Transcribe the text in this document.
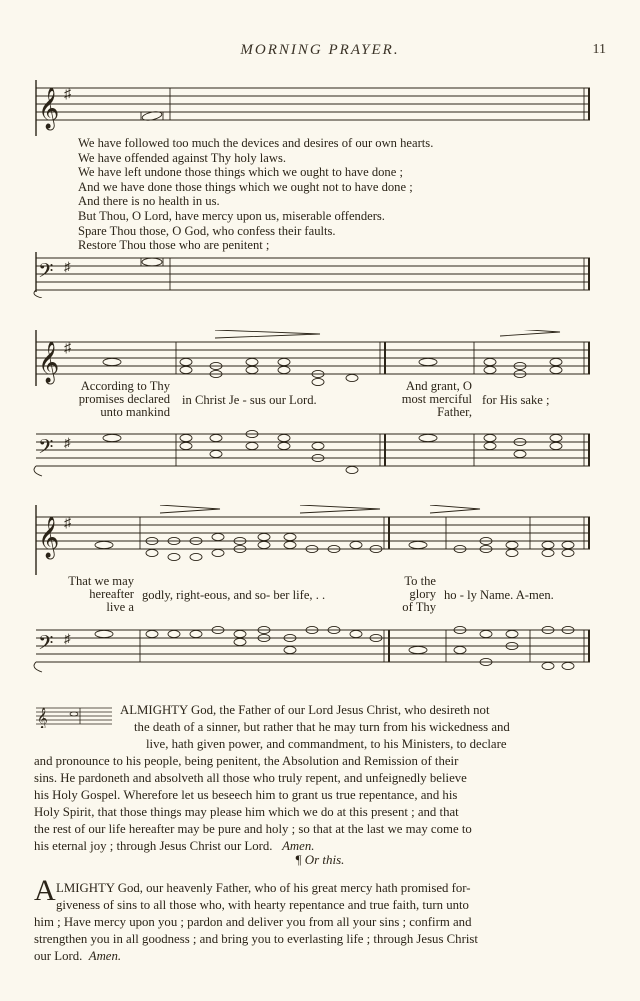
MORNING PRAYER.	11
𝄞 ♯
We have followed too much the devices and desires of our own hearts.
We have offended against Thy holy laws.
We have left undone those things which we ought to have done ;
And we have done those things which we ought not to have done ;
And there is no health in us.
But Thou, O Lord, have mercy upon us, miserable offenders.
Spare Thou those, O God, who confess their faults.
Restore Thou those who are penitent ;
𝄢 ♯
𝄞 ♯
According to Thy
promises declared
unto mankind
in Christ Je - sus our Lord.
And grant, O
most merciful
Father,
for His sake ;
𝄢 ♯
𝄞 ♯
That we may
hereafter
live a
godly, right-eous, and so- ber life, . .
To the
glory
of Thy
ho - ly Name. A-men.
𝄢 ♯
𝄞	ALMIGHTY God, the Father of our Lord Jesus Christ, who desireth not
the death of a sinner, but rather that he may turn from his wickedness and
live, hath given power, and commandment, to his Ministers, to declare
and pronounce to his people, being penitent, the Absolution and Remission of their
sins. He pardoneth and absolveth all those who truly repent, and unfeignedly believe
his Holy Gospel. Wherefore let us beseech him to grant us true repentance, and his
Holy Spirit, that those things may please him which we do at this present ; and that
the rest of our life hereafter may be pure and holy ; so that at the last we may come to
his eternal joy ; through Jesus Christ our Lord. Amen.
¶ Or this.
A LMIGHTY God, our heavenly Father, who of his great mercy hath promised for-
giveness of sins to all those who, with hearty repentance and true faith, turn unto
him ; Have mercy upon you ; pardon and deliver you from all your sins ; confirm and
strengthen you in all goodness ; and bring you to everlasting life ; through Jesus Christ
our Lord. Amen.
